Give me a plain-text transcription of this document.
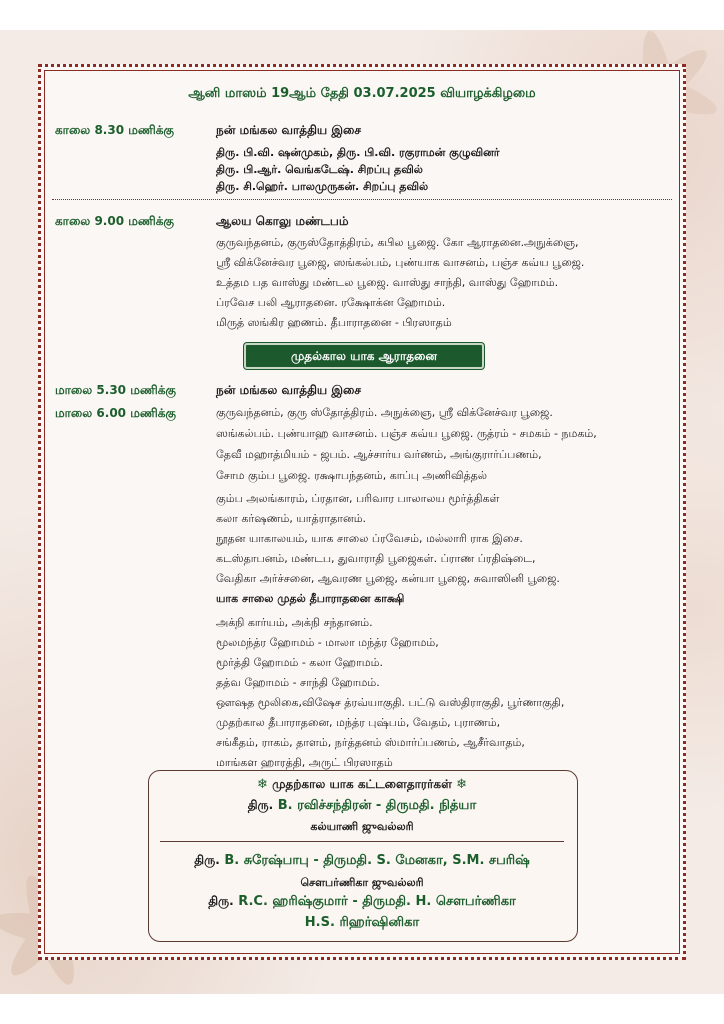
ஆனி மாஸம் 19ஆம் தேதி 03.07.2025 வியாழக்கிழமை
காலை 8.30 மணிக்கு	நன் மங்கல வாத்திய இசை
திரு. பி.வி. ஷன்முகம், திரு. பி.வி. ரகுராமன் குழுவினர்
திரு. பி.ஆர். வெங்கடேஷ். சிறப்பு தவில்
திரு. சி.ஹெர். பாலமுருகன். சிறப்பு தவில்
காலை 9.00 மணிக்கு	ஆலய கொலு மண்டபம்
குருவந்தனம், குருஸ்தோத்திரம், கபில பூஜை. கோ ஆராதனை.அநுக்ஞை,
ஸ்ரீ விக்னேச்வர பூஜை, ஸங்கல்பம், புண்யாக வாசனம், பஞ்ச கவ்ய பூஜை.
உத்தம பத வாஸ்து மண்டல பூஜை. வாஸ்து சாந்தி, வாஸ்து ஹோமம்.
ப்ரவேச பலி ஆராதனை. ரக்ஷோக்ன ஹோமம்.
மிருத் ஸங்கிர ஹணம். தீபாராதனை - பிரஸாதம்
முதல்கால யாக ஆராதனை
மாலை 5.30 மணிக்கு	நன் மங்கல வாத்திய இசை
மாலை 6.00 மணிக்கு	குருவந்தனம், குரு ஸ்தோத்திரம். அநுக்ஞை, ஸ்ரீ விக்னேச்வர பூஜை.
ஸங்கல்பம். புண்யாஹ வாசனம். பஞ்ச கவ்ய பூஜை. ருத்ரம் - சமகம் - நமகம்,
தேவீ மஹாத்மியம் - ஜபம். ஆச்சார்ய வர்ணம், அங்குரார்ப்பணம்,
சோம கும்ப பூஜை. ரக்ஷாபந்தனம், காப்பு அணிவித்தல்
கும்ப அலங்காரம், ப்ரதான, பரிவார பாலாலய மூர்த்திகள்
கலா கர்ஷணம், யாத்ராதானம்.
நூதன யாகாலயம், யாக சாலை ப்ரவேசம், மல்லாரி ராக இசை.
கடஸ்தாபனம், மண்டப, துவாராதி பூஜைகள். ப்ராண ப்ரதிஷ்டை,
வேதிகா அர்ச்சனை, ஆவரண பூஜை, கன்யா பூஜை, சுவாஸினி பூஜை.
யாக சாலை முதல் தீபாராதனை காக்ஷி
அக்நி கார்யம், அக்நி சந்தானம்.
மூலமந்த்ர ஹோமம் - மாலா மந்த்ர ஹோமம்,
மூர்த்தி ஹோமம் - கலா ஹோமம்.
தத்வ ஹோமம் - சாந்தி ஹோமம்.
ஔஷத மூலிகை,விஷேச த்ரவ்யாகுதி. பட்டு வஸ்திராகுதி, பூர்ணாகுதி,
முதற்கால தீபாராதனை, மந்த்ர புஷ்பம், வேதம், புராணம்,
சங்கீதம், ராகம், தாளம், நர்த்தனம் ஸ்மார்ப்பணம், ஆசீர்வாதம்,
மாங்கள ஹாரத்தி, அருட் பிரஸாதம்
❄ முதற்கால யாக கட்டளைதாரர்கள் ❄
திரு. B. ரவிச்சந்திரன் - திருமதி. நித்யா
கல்யாணி ஜுவல்லரி
திரு. B. சுரேஷ்பாபு - திருமதி. S. மேனகா, S.M. சபரிஷ்
சௌபர்ணிகா ஜுவல்லரி
திரு. R.C. ஹரிஷ்குமார் - திருமதி. H. சௌபர்ணிகா
H.S. ரிஹர்ஷினிகா
